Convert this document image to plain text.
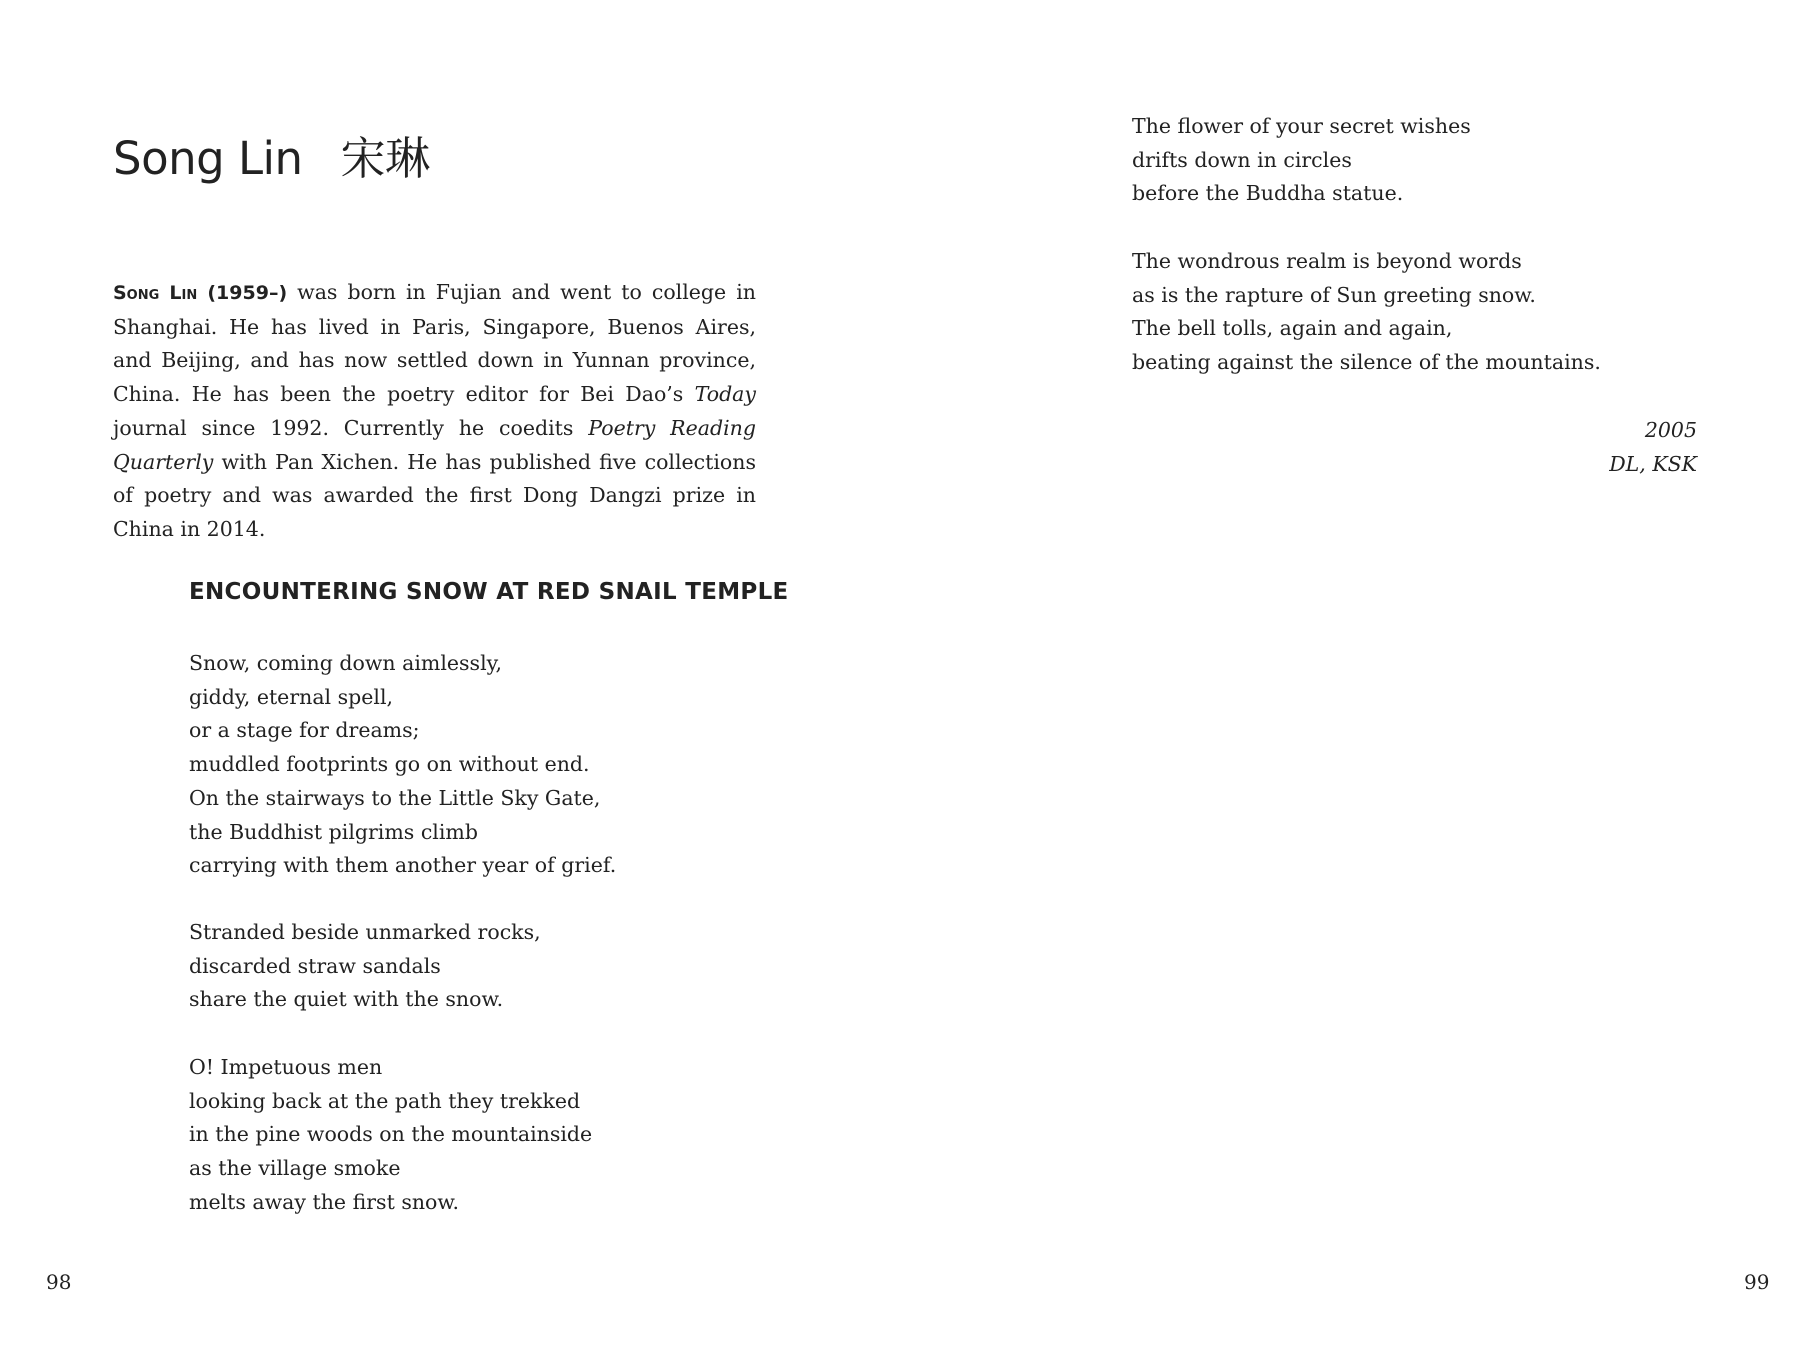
Song Lin 宋琳

Song Lin (1959–) was born in Fujian and went to college in Shanghai. He has lived in Paris, Singapore, Buenos Aires, and Beijing, and has now settled down in Yunnan province, China. He has been the poetry editor for Bei Dao’s Today journal since 1992. Currently he coedits Poetry Reading Quarterly with Pan Xichen. He has published five collections of poetry and was awarded the first Dong Dangzi prize in China in 2014.

ENCOUNTERING SNOW AT RED SNAIL TEMPLE
Snow, coming down aimlessly,
giddy, eternal spell,
or a stage for dreams;
muddled footprints go on without end.
On the stairways to the Little Sky Gate,
the Buddhist pilgrims climb
carrying with them another year of grief.
Stranded beside unmarked rocks,
discarded straw sandals
share the quiet with the snow.
O! Impetuous men
looking back at the path they trekked
in the pine woods on the mountainside
as the village smoke
melts away the first snow.
98
The flower of your secret wishes
drifts down in circles
before the Buddha statue.
The wondrous realm is beyond words
as is the rapture of Sun greeting snow.
The bell tolls, again and again,
beating against the silence of the mountains.
2005
DL, KSK
99
